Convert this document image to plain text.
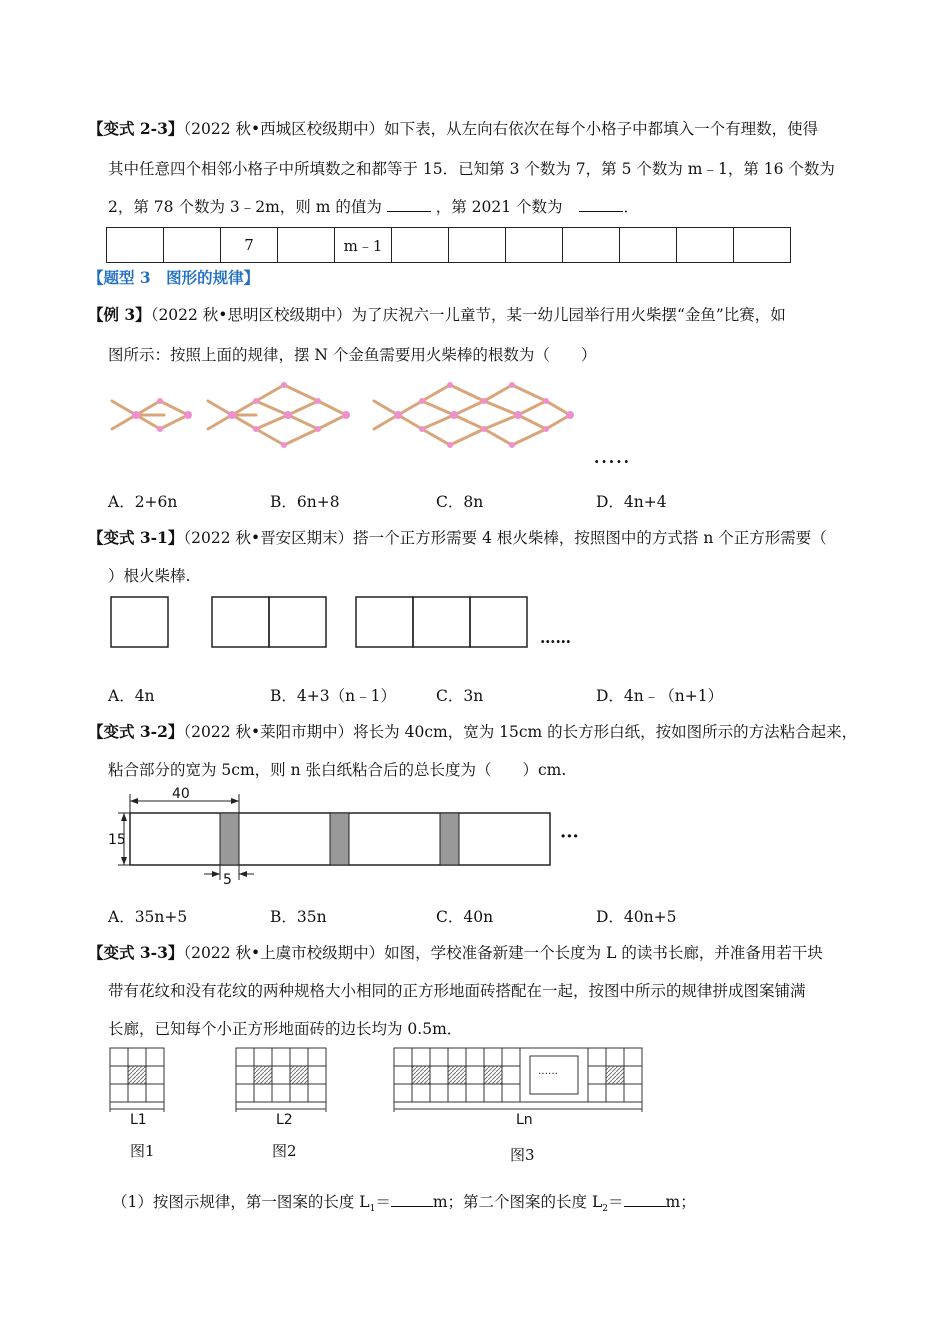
【变式 2-3】（2022 秋•西城区校级期中）如下表，从左向右依次在每个小格子中都填入一个有理数，使得
其中任意四个相邻小格子中所填数之和都等于 15．已知第 3 个数为 7，第 5 个数为 m﹣1，第 16 个数为
2，第 78 个数为 3﹣2m，则 m 的值为	，第 2021 个数为	．
		7		m﹣1							
【题型 3　图形的规律】
【例 3】（2022 秋•思明区校级期中）为了庆祝六一儿童节，某一幼儿园举行用火柴摆“金鱼”比赛，如
图所示：按照上面的规律，摆 N 个金鱼需要用火柴棒的根数为（　　）
·····
A．2+6n	B．6n+8	C．8n	D．4n+4
【变式 3-1】（2022 秋•晋安区期末）搭一个正方形需要 4 根火柴棒，按照图中的方式搭 n 个正方形需要（
）根火柴棒.
……
A．4n	B．4+3（n﹣1）	C．3n	D．4n﹣（n+1）
【变式 3-2】（2022 秋•莱阳市期中）将长为 40cm，宽为 15cm 的长方形白纸，按如图所示的方法粘合起来，
粘合部分的宽为 5cm，则 n 张白纸粘合后的总长度为（　　）cm.
40
15
5
···
A．35n+5	B．35n	C．40n	D．40n+5
【变式 3-3】（2022 秋•上虞市校级期中）如图，学校准备新建一个长度为 L 的读书长廊，并准备用若干块
带有花纹和没有花纹的两种规格大小相同的正方形地面砖搭配在一起，按图中所示的规律拼成图案铺满
长廊，已知每个小正方形地面砖的边长均为 0.5m．
……
L1	L2	Ln
图1	图2	图3
（1）按图示规律，第一图案的长度 $L_1=$	m；第二个图案的长度 $L_2=$	m；
